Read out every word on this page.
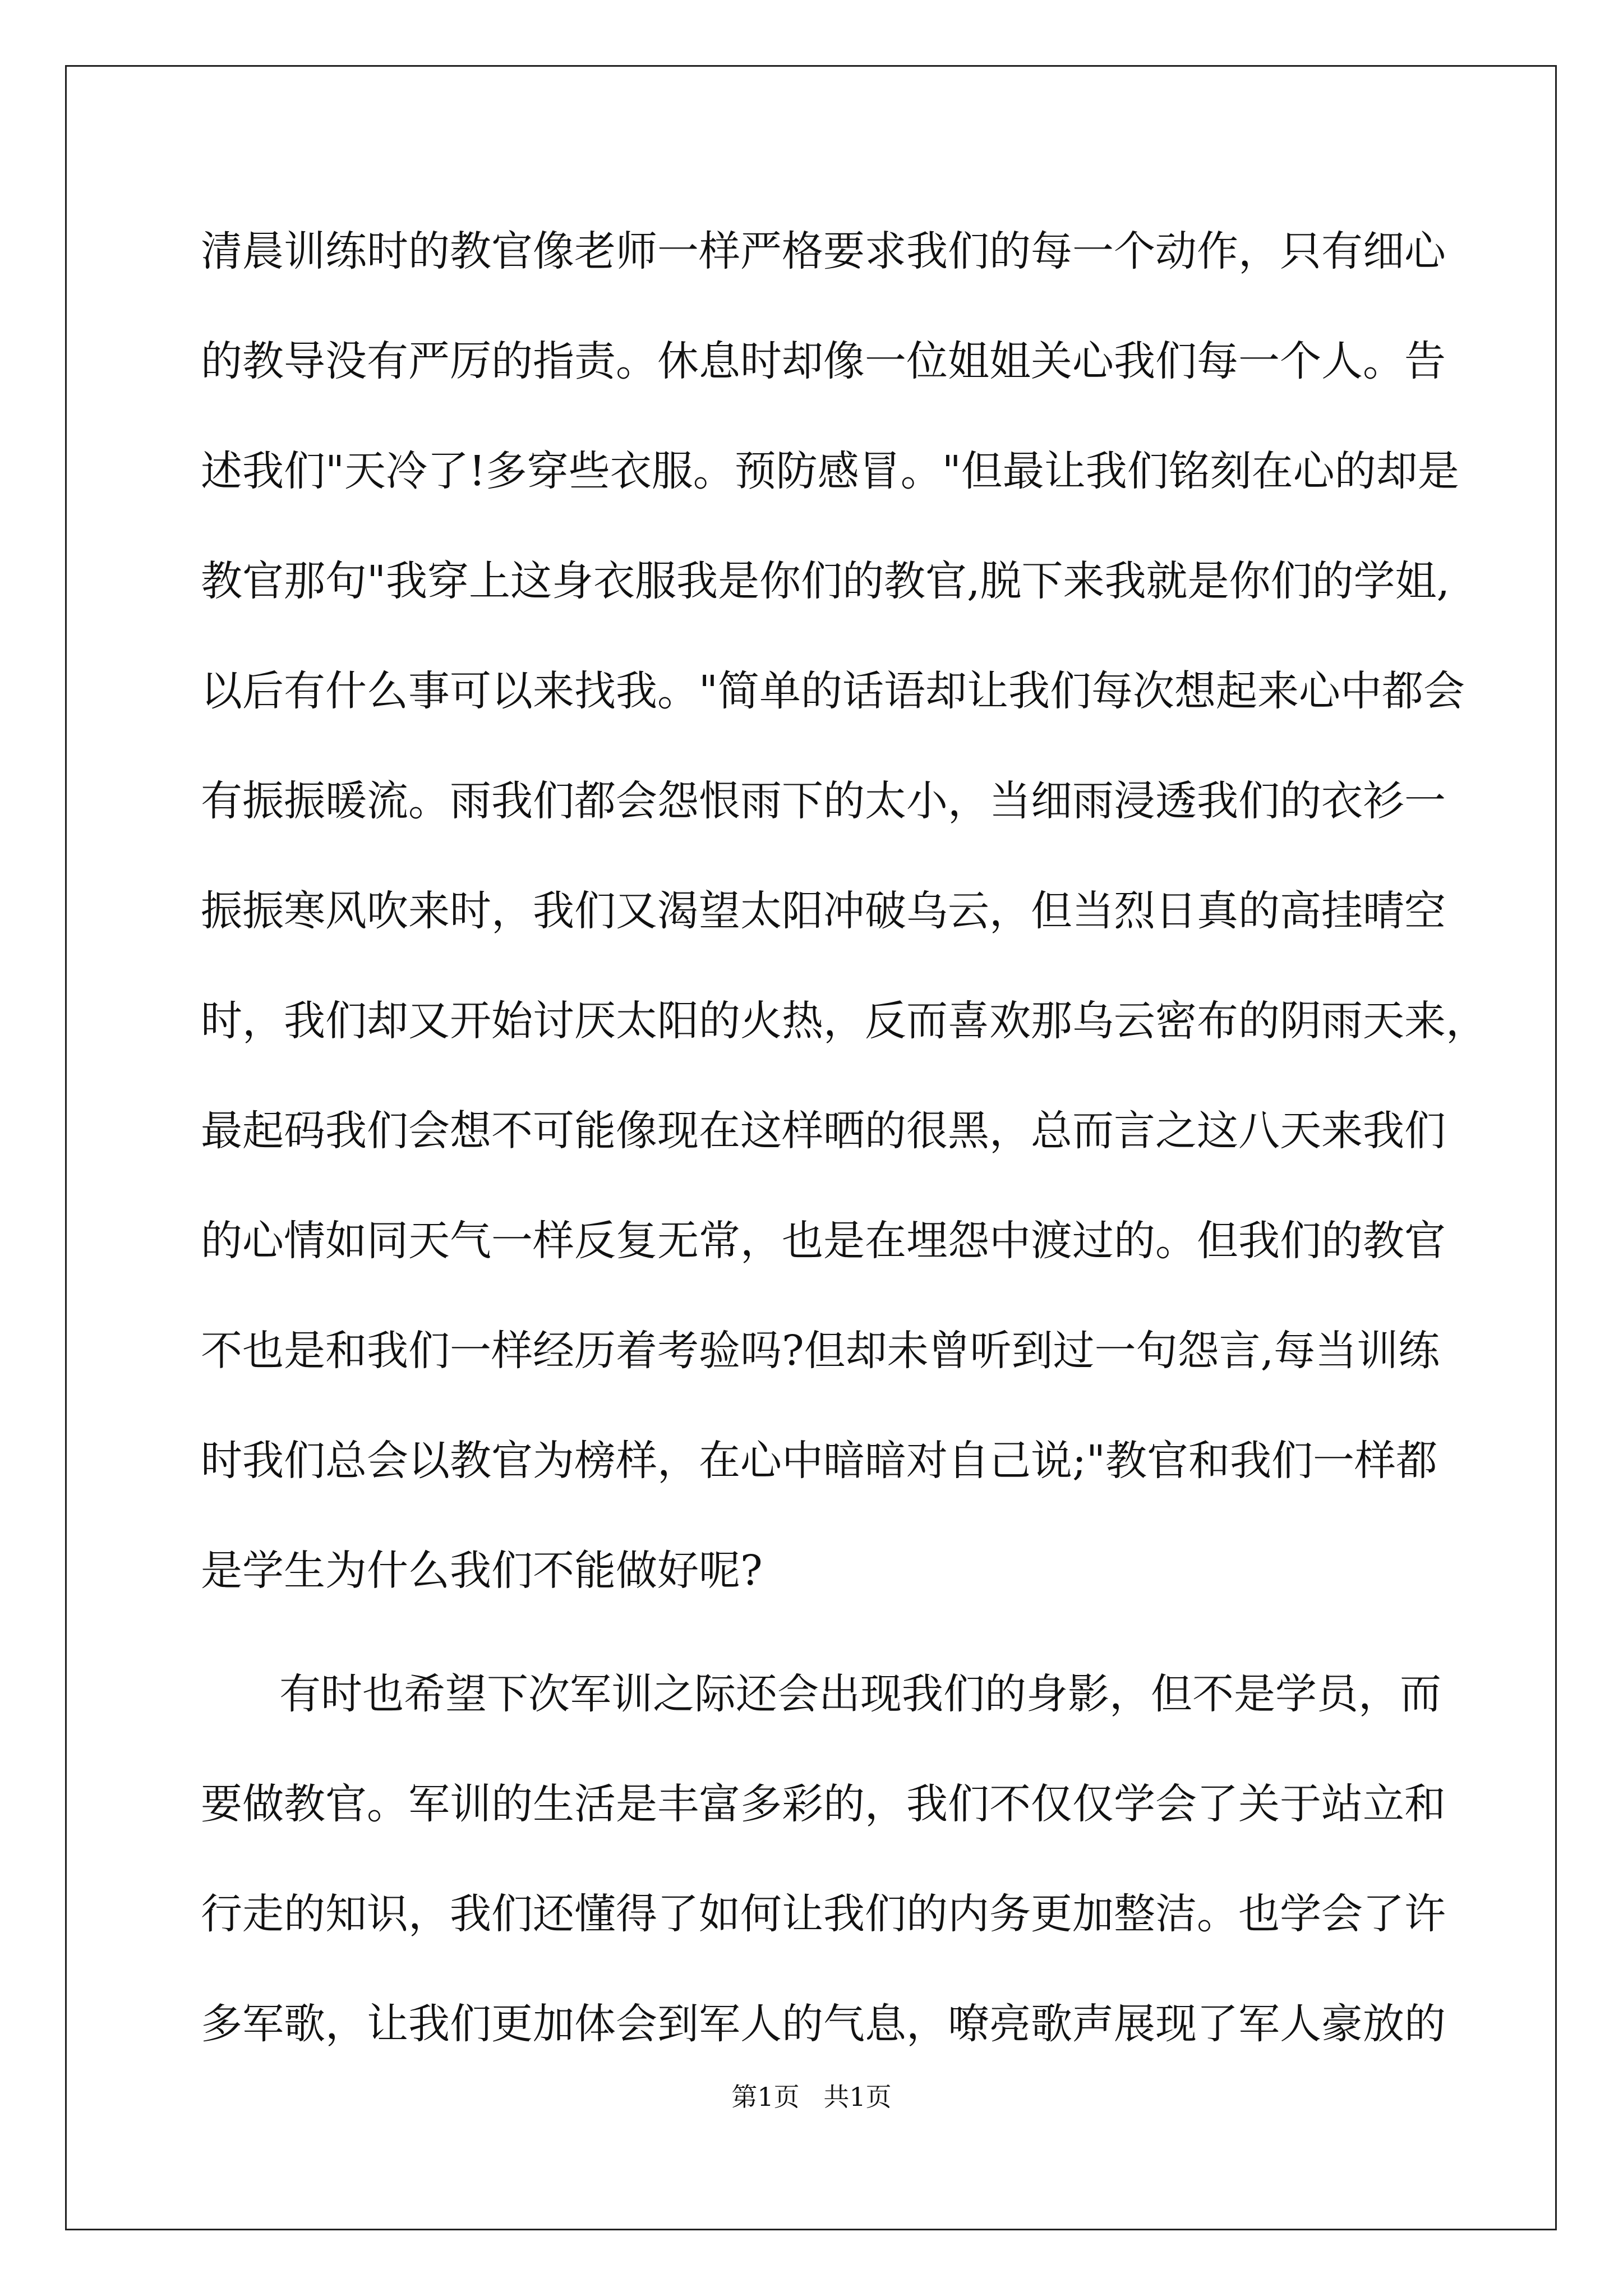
清晨训练时的教官像老师一样严格要求我们的每一个动作，只有细心
的教导没有严厉的指责。休息时却像一位姐姐关心我们每一个人。告
述我们"天冷了!多穿些衣服。预防感冒。"但最让我们铭刻在心的却是
教官那句"我穿上这身衣服我是你们的教官,脱下来我就是你们的学姐,
以后有什么事可以来找我。"简单的话语却让我们每次想起来心中都会
有振振暖流。雨我们都会怨恨雨下的太小，当细雨浸透我们的衣衫一
振振寒风吹来时，我们又渴望太阳冲破乌云，但当烈日真的高挂晴空
时，我们却又开始讨厌太阳的火热，反而喜欢那乌云密布的阴雨天来，
最起码我们会想不可能像现在这样晒的很黑，总而言之这八天来我们
的心情如同天气一样反复无常，也是在埋怨中渡过的。但我们的教官
不也是和我们一样经历着考验吗?但却未曾听到过一句怨言,每当训练
时我们总会以教官为榜样，在心中暗暗对自己说;"教官和我们一样都
是学生为什么我们不能做好呢?
有时也希望下次军训之际还会出现我们的身影，但不是学员，而
要做教官。军训的生活是丰富多彩的，我们不仅仅学会了关于站立和
行走的知识，我们还懂得了如何让我们的内务更加整洁。也学会了许
多军歌，让我们更加体会到军人的气息，嘹亮歌声展现了军人豪放的
第1页 共1页
